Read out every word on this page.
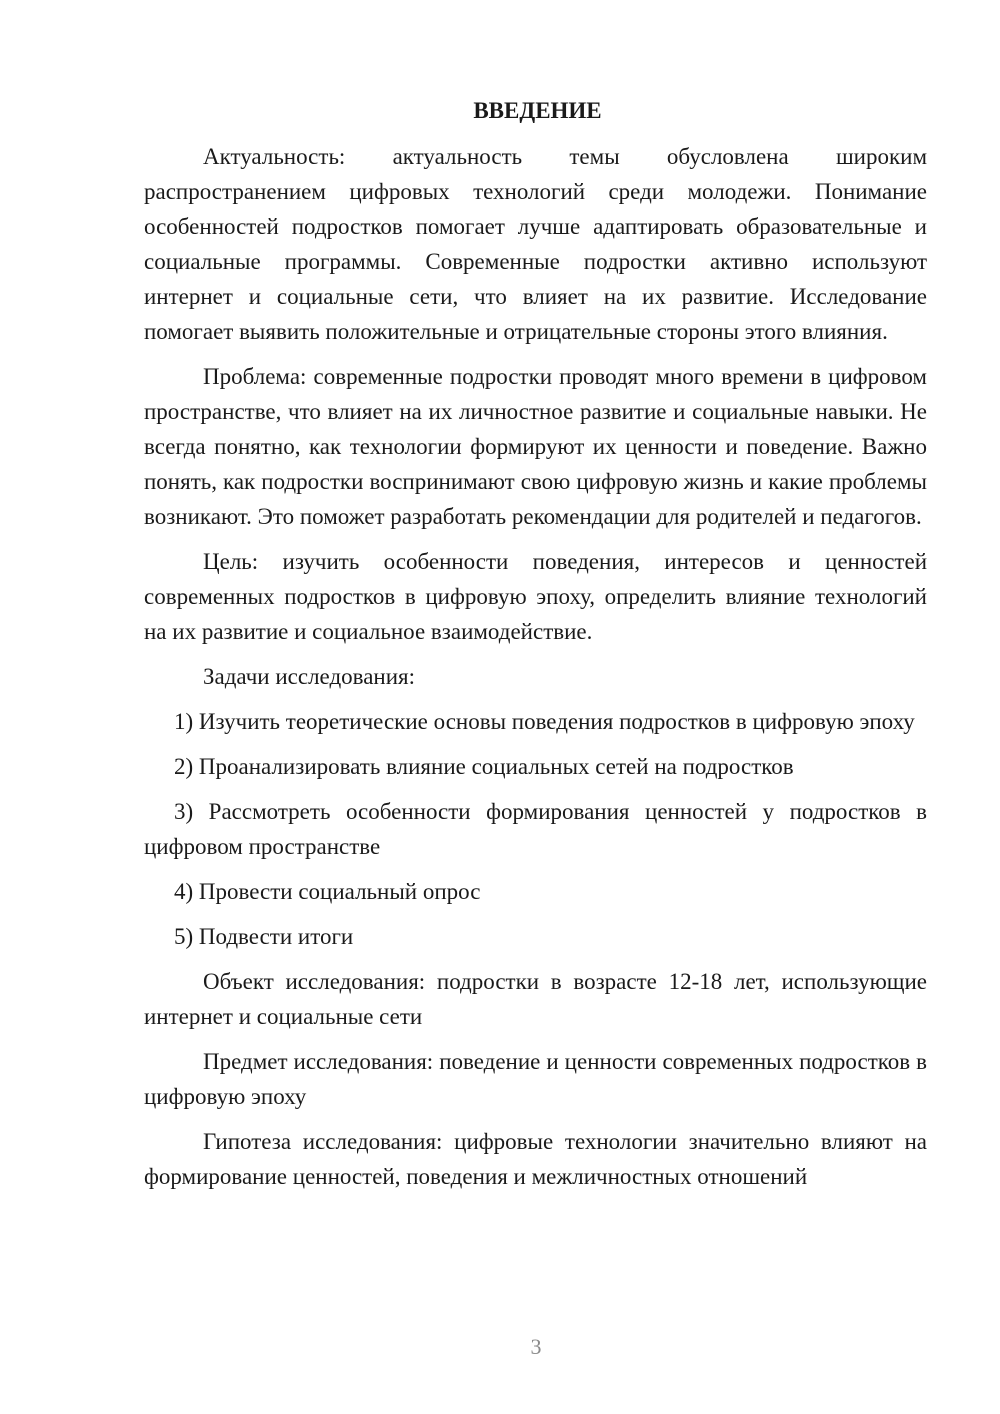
ВВЕДЕНИЕ

Актуальность: актуальность темы обусловлена широким распространением цифровых технологий среди молодежи. Понимание особенностей подростков помогает лучше адаптировать образовательные и социальные программы. Современные подростки активно используют интернет и социальные сети, что влияет на их развитие. Исследование помогает выявить положительные и отрицательные стороны этого влияния.

Проблема: современные подростки проводят много времени в цифровом пространстве, что влияет на их личностное развитие и социальные навыки. Не всегда понятно, как технологии формируют их ценности и поведение. Важно понять, как подростки воспринимают свою цифровую жизнь и какие проблемы возникают. Это поможет разработать рекомендации для родителей и педагогов.

Цель: изучить особенности поведения, интересов и ценностей современных подростков в цифровую эпоху, определить влияние технологий на их развитие и социальное взаимодействие.

Задачи исследования:

1) Изучить теоретические основы поведения подростков в цифровую эпоху

2) Проанализировать влияние социальных сетей на подростков

3) Рассмотреть особенности формирования ценностей у подростков в цифровом пространстве

4) Провести социальный опрос

5) Подвести итоги

Объект исследования: подростки в возрасте 12-18 лет, использующие интернет и социальные сети

Предмет исследования: поведение и ценности современных подростков в цифровую эпоху

Гипотеза исследования: цифровые технологии значительно влияют на формирование ценностей, поведения и межличностных отношений

3
